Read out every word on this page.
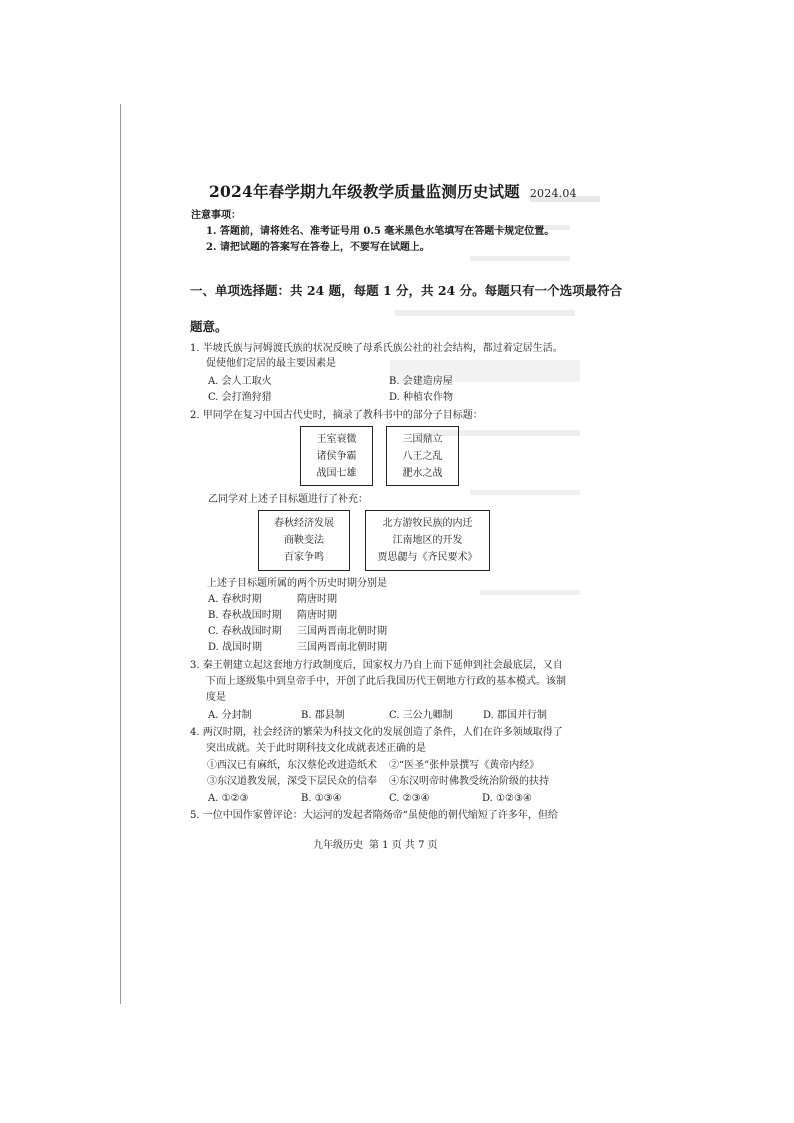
2024年春学期九年级教学质量监测历史试题 2024.04
注意事项：
1. 答题前，请将姓名、准考证号用 0.5 毫米黑色水笔填写在答题卡规定位置。
2. 请把试题的答案写在答卷上，不要写在试题上。
一、单项选择题：共 24 题，每题 1 分，共 24 分。每题只有一个选项最符合
题意。
1. 半坡氏族与河姆渡氏族的状况反映了母系氏族公社的社会结构，都过着定居生活。
促使他们定居的最主要因素是
A. 会人工取火	B. 会建造房屋
C. 会打渔狩猎	D. 种植农作物
2. 甲同学在复习中国古代史时，摘录了教科书中的部分子目标题：
王室衰微
诸侯争霸
战国七雄
三国鼎立
八王之乱
淝水之战
乙同学对上述子目标题进行了补充：
春秋经济发展
商鞅变法
百家争鸣
北方游牧民族的内迁
江南地区的开发
贾思勰与《齐民要术》
上述子目标题所属的两个历史时期分别是
A. 春秋时期	隋唐时期
B. 春秋战国时期 隋唐时期
C. 春秋战国时期 三国两晋南北朝时期
D. 战国时期	三国两晋南北朝时期
3. 秦王朝建立起这套地方行政制度后，国家权力乃自上而下延伸到社会最底层，又自
下而上逐级集中到皇帝手中，开创了此后我国历代王朝地方行政的基本模式。该制
度是
A. 分封制	B. 郡县制	C. 三公九卿制	D. 郡国并行制
4. 两汉时期，社会经济的繁荣为科技文化的发展创造了条件，人们在许多领域取得了
突出成就。关于此时期科技文化成就表述正确的是
①西汉已有麻纸，东汉蔡伦改进造纸术 ②“医圣”张仲景撰写《黄帝内经》
③东汉道教发展，深受下层民众的信奉 ④东汉明帝时佛教受统治阶级的扶持
A. ①②③	B. ①③④	C. ②③④	D. ①②③④
5. 一位中国作家曾评论：大运河的发起者隋炀帝“虽使他的朝代缩短了许多年，但给
九年级历史 第 1 页 共 7 页
